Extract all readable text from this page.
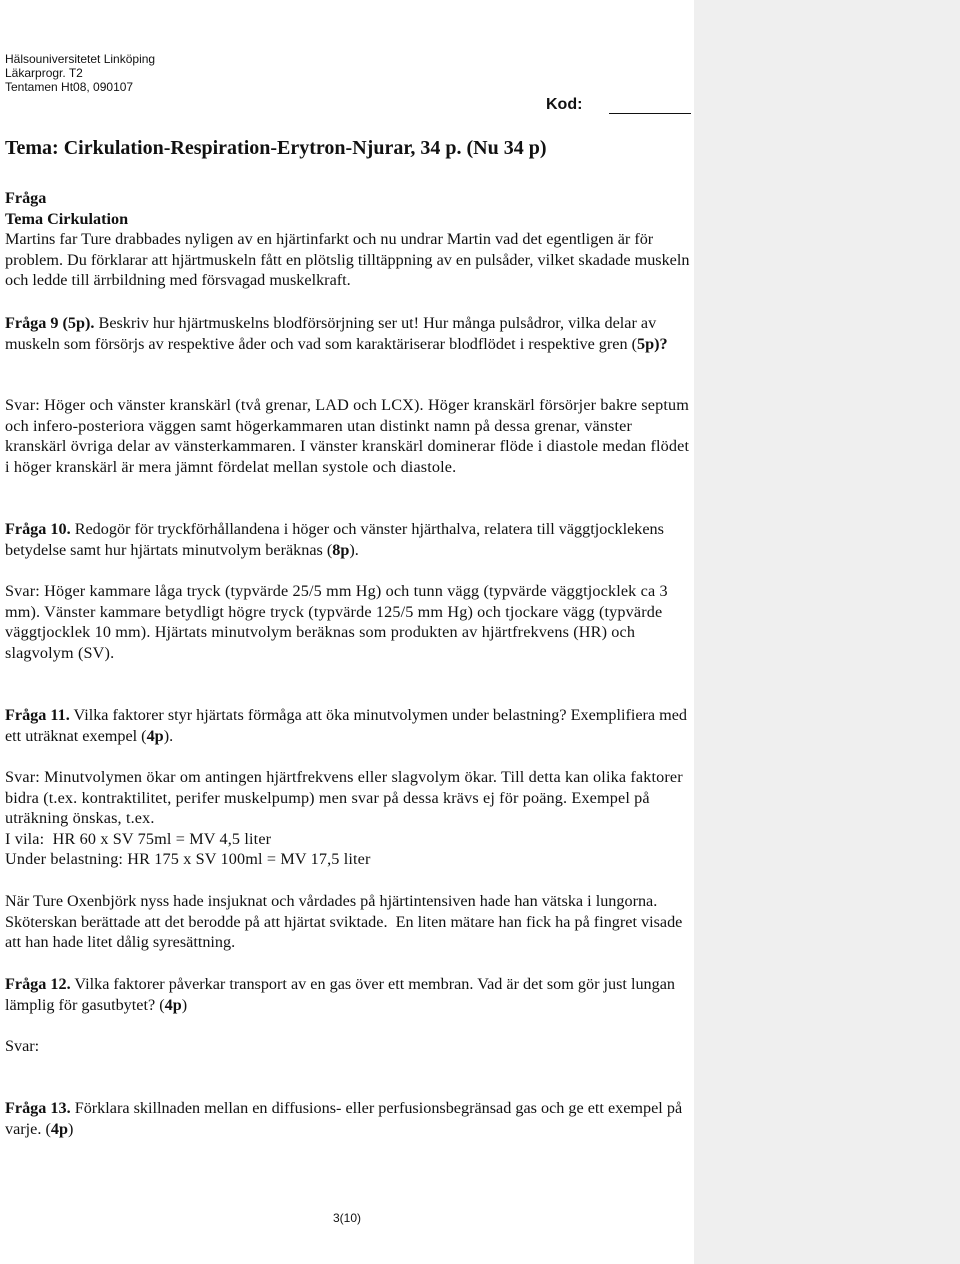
Hälsouniversitetet Linköping
Läkarprogr. T2
Tentamen Ht08, 090107
Kod:
Tema: Cirkulation-Respiration-Erytron-Njurar, 34 p. (Nu 34 p)

Fråga

Tema Cirkulation

Martins far Ture drabbades nyligen av en hjärtinfarkt och nu undrar Martin vad det egentligen är för problem. Du förklarar att hjärtmuskeln fått en plötslig tilltäppning av en pulsåder, vilket skadade muskeln och ledde till ärrbildning med försvagad muskelkraft.

Fråga 9 (5p). Beskriv hur hjärtmuskelns blodförsörjning ser ut! Hur många pulsådror, vilka delar av muskeln som försörjs av respektive åder och vad som karaktäriserar blodflödet i respektive gren (5p)?

Svar: Höger och vänster kranskärl (två grenar, LAD och LCX). Höger kranskärl försörjer bakre septum och infero-posteriora väggen samt högerkammaren utan distinkt namn på dessa grenar, vänster kranskärl övriga delar av vänsterkammaren. I vänster kranskärl dominerar flöde i diastole medan flödet i höger kranskärl är mera jämnt fördelat mellan systole och diastole.

Fråga 10. Redogör för tryckförhållandena i höger och vänster hjärthalva, relatera till väggtjocklekens betydelse samt hur hjärtats minutvolym beräknas (8p).

Svar: Höger kammare låga tryck (typvärde 25/5 mm Hg) och tunn vägg (typvärde väggtjocklek ca 3 mm). Vänster kammare betydligt högre tryck (typvärde 125/5 mm Hg) och tjockare vägg (typvärde väggtjocklek 10 mm). Hjärtats minutvolym beräknas som produkten av hjärtfrekvens (HR) och slagvolym (SV).

Fråga 11. Vilka faktorer styr hjärtats förmåga att öka minutvolymen under belastning? Exemplifiera med ett uträknat exempel (4p).

Svar: Minutvolymen ökar om antingen hjärtfrekvens eller slagvolym ökar. Till detta kan olika faktorer bidra (t.ex. kontraktilitet, perifer muskelpump) men svar på dessa krävs ej för poäng. Exempel på uträkning önskas, t.ex.

I vila:  HR 60 x SV 75ml = MV 4,5 liter

Under belastning: HR 175 x SV 100ml = MV 17,5 liter

När Ture Oxenbjörk nyss hade insjuknat och vårdades på hjärtintensiven hade han vätska i lungorna. Sköterskan berättade att det berodde på att hjärtat sviktade.  En liten mätare han fick ha på fingret visade att han hade litet dålig syresättning.

Fråga 12. Vilka faktorer påverkar transport av en gas över ett membran. Vad är det som gör just lungan lämplig för gasutbytet? (4p)

Svar:

Fråga 13. Förklara skillnaden mellan en diffusions- eller perfusionsbegränsad gas och ge ett exempel på varje. (4p)

3(10)
